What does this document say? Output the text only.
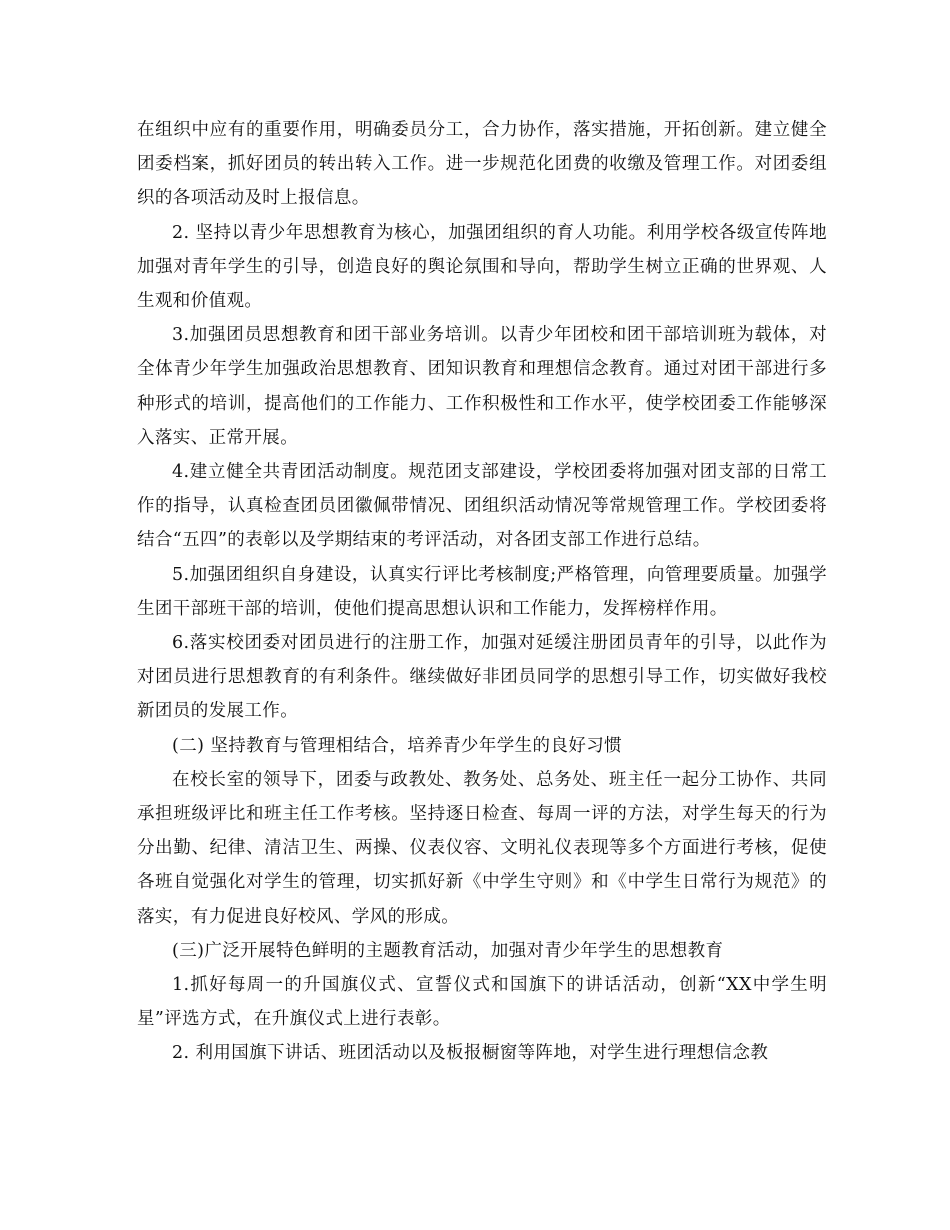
在组织中应有的重要作用，明确委员分工，合力协作，落实措施，开拓创新。建立健全团委档案，抓好团员的转出转入工作。进一步规范化团费的收缴及管理工作。对团委组织的各项活动及时上报信息。

2. 坚持以青少年思想教育为核心，加强团组织的育人功能。利用学校各级宣传阵地加强对青年学生的引导，创造良好的舆论氛围和导向，帮助学生树立正确的世界观、人生观和价值观。

3.加强团员思想教育和团干部业务培训。以青少年团校和团干部培训班为载体，对全体青少年学生加强政治思想教育、团知识教育和理想信念教育。通过对团干部进行多种形式的培训，提高他们的工作能力、工作积极性和工作水平，使学校团委工作能够深入落实、正常开展。

4.建立健全共青团活动制度。规范团支部建设，学校团委将加强对团支部的日常工作的指导，认真检查团员团徽佩带情况、团组织活动情况等常规管理工作。学校团委将结合“五四”的表彰以及学期结束的考评活动，对各团支部工作进行总结。

5.加强团组织自身建设，认真实行评比考核制度;严格管理，向管理要质量。加强学生团干部班干部的培训，使他们提高思想认识和工作能力，发挥榜样作用。

6.落实校团委对团员进行的注册工作，加强对延缓注册团员青年的引导，以此作为对团员进行思想教育的有利条件。继续做好非团员同学的思想引导工作，切实做好我校新团员的发展工作。

(二) 坚持教育与管理相结合，培养青少年学生的良好习惯

在校长室的领导下，团委与政教处、教务处、总务处、班主任一起分工协作、共同承担班级评比和班主任工作考核。坚持逐日检查、每周一评的方法，对学生每天的行为分出勤、纪律、清洁卫生、两操、仪表仪容、文明礼仪表现等多个方面进行考核，促使各班自觉强化对学生的管理，切实抓好新《中学生守则》和《中学生日常行为规范》的落实，有力促进良好校风、学风的形成。

(三)广泛开展特色鲜明的主题教育活动，加强对青少年学生的思想教育

1.抓好每周一的升国旗仪式、宣誓仪式和国旗下的讲话活动，创新“XX中学生明星”评选方式，在升旗仪式上进行表彰。

2. 利用国旗下讲话、班团活动以及板报橱窗等阵地，对学生进行理想信念教
